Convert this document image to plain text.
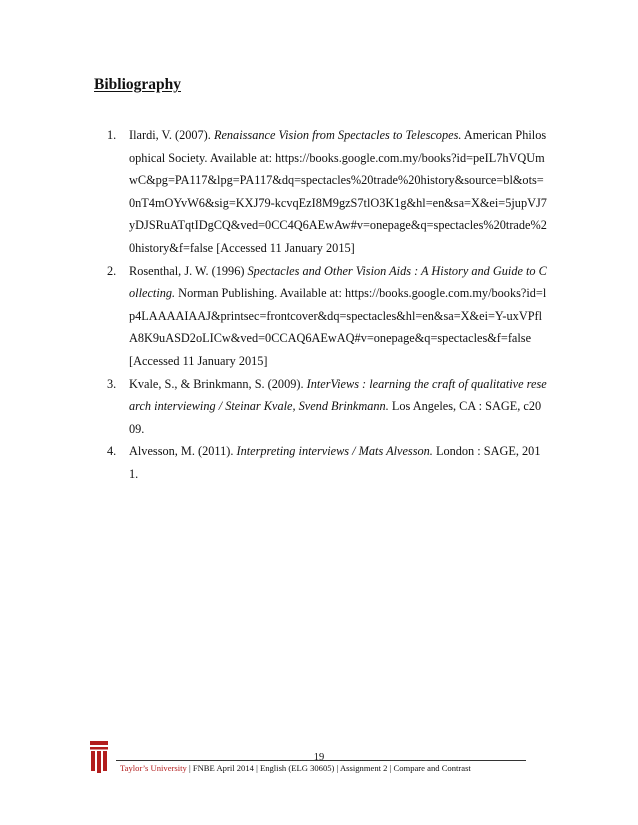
Bibliography
1. Ilardi, V. (2007). Renaissance Vision from Spectacles to Telescopes. American Philosophical Society. Available at: https://books.google.com.my/books?id=peIL7hVQUmwC&pg=PA117&lpg=PA117&dq=spectacles%20trade%20history&source=bl&ots=0nT4mOYvW6&sig=KXJ79-kcvqEzI8M9gzS7tlO3K1g&hl=en&sa=X&ei=5jupVJ7yDJSRuATqtIDgCQ&ved=0CC4Q6AEwAw#v=onepage&q=spectacles%20trade%20history&f=false [Accessed 11 January 2015]
2. Rosenthal, J. W. (1996) Spectacles and Other Vision Aids : A History and Guide to Collecting. Norman Publishing. Available at: https://books.google.com.my/books?id=lp4LAAAAIAAJ&printsec=frontcover&dq=spectacles&hl=en&sa=X&ei=Y-uxVPflA8K9uASD2oLICw&ved=0CCAQ6AEwAQ#v=onepage&q=spectacles&f=false [Accessed 11 January 2015]
3. Kvale, S., & Brinkmann, S. (2009). InterViews : learning the craft of qualitative research interviewing / Steinar Kvale, Svend Brinkmann. Los Angeles, CA : SAGE, c2009.
4. Alvesson, M. (2011). Interpreting interviews / Mats Alvesson. London : SAGE, 2011.
19
Taylor’s University | FNBE April 2014 | English (ELG 30605) | Assignment 2 | Compare and Contrast
